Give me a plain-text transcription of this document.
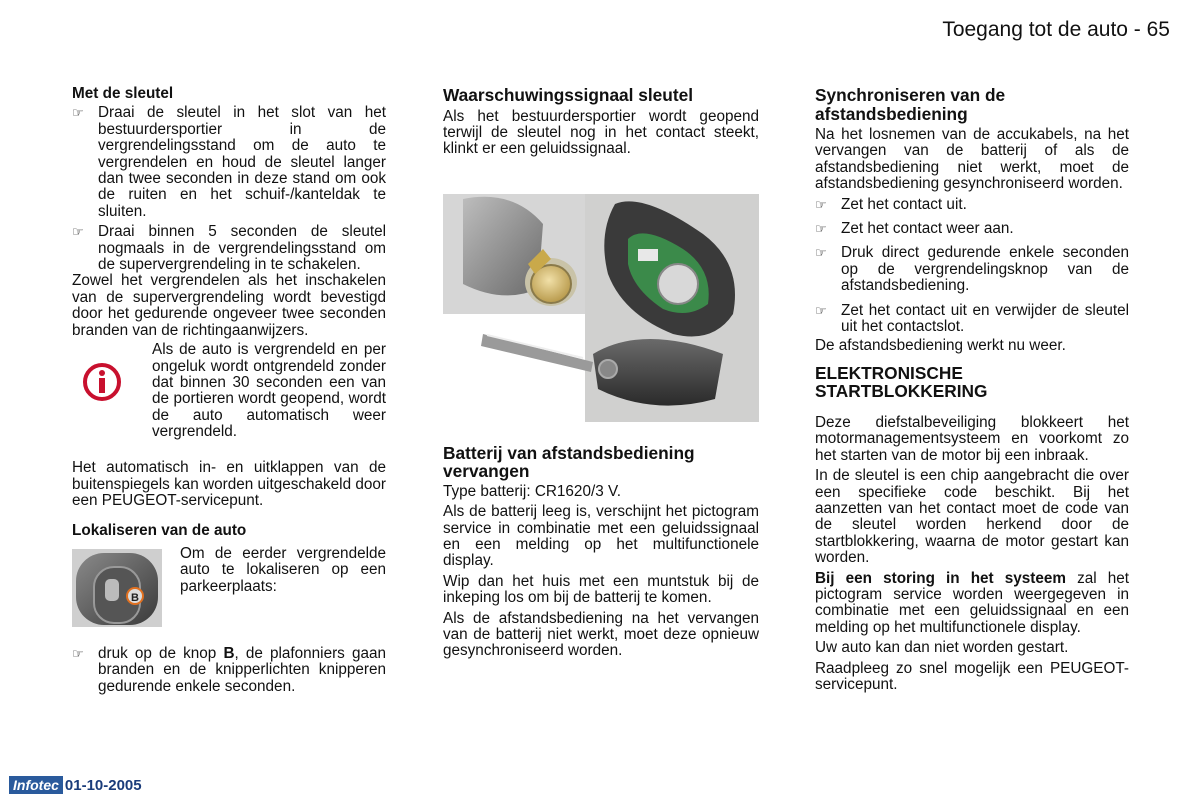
Toegang tot de auto - 65

Met de sleutel

☞ Draai de sleutel in het slot van het bestuurdersportier in de vergrendelingsstand om de auto te vergrendelen en houd de sleutel langer dan twee seconden in deze stand om ook de ruiten en het schuif-/kanteldak te sluiten.
☞ Draai binnen 5 seconden de sleutel nogmaals in de vergrendelingsstand om de supervergrendeling in te schakelen.

Zowel het vergrendelen als het inschakelen van de supervergrendeling wordt bevestigd door het gedurende ongeveer twee seconden branden van de richtingaanwijzers.

Als de auto is vergrendeld en per ongeluk wordt ontgrendeld zonder dat binnen 30 seconden een van de portieren wordt geopend, wordt de auto automatisch weer vergrendeld.

Het automatisch in- en uitklappen van de buitenspiegels kan worden uitgeschakeld door een PEUGEOT-servicepunt.

Lokaliseren van de auto

B

Om de eerder vergrendelde auto te lokaliseren op een parkeerplaats:

☞ druk op de knop B, de plafonniers gaan branden en de knipperlichten knipperen gedurende enkele seconden.

Waarschuwingssignaal sleutel

Als het bestuurdersportier wordt geopend terwijl de sleutel nog in het contact steekt, klinkt er een geluidssignaal.

Batterij van afstandsbediening vervangen

Type batterij: CR1620/3 V.

Als de batterij leeg is, verschijnt het pictogram service in combinatie met een geluidssignaal en een melding op het multifunctionele display.

Wip dan het huis met een muntstuk bij de inkeping los om bij de batterij te komen.

Als de afstandsbediening na het vervangen van de batterij niet werkt, moet deze opnieuw gesynchroniseerd worden.

Synchroniseren van de afstandsbediening

Na het losnemen van de accukabels, na het vervangen van de batterij of als de afstandsbediening niet werkt, moet de afstandsbediening gesynchroniseerd worden.

☞ Zet het contact uit.
☞ Zet het contact weer aan.
☞ Druk direct gedurende enkele seconden op de vergrendelingsknop van de afstandsbediening.
☞ Zet het contact uit en verwijder de sleutel uit het contactslot.

De afstandsbediening werkt nu weer.

ELEKTRONISCHE STARTBLOKKERING

Deze diefstalbeveiliging blokkeert het motormanagementsysteem en voorkomt zo het starten van de motor bij een inbraak.

In de sleutel is een chip aangebracht die over een specifieke code beschikt. Bij het aanzetten van het contact moet de code van de sleutel worden herkend door de startblokkering, waarna de motor gestart kan worden.

Bij een storing in het systeem zal het pictogram service worden weergegeven in combinatie met een geluidssignaal en een melding op het multifunctionele display.

Uw auto kan dan niet worden gestart.

Raadpleeg zo snel mogelijk een PEUGEOT-servicepunt.

Infotec 01-10-2005
